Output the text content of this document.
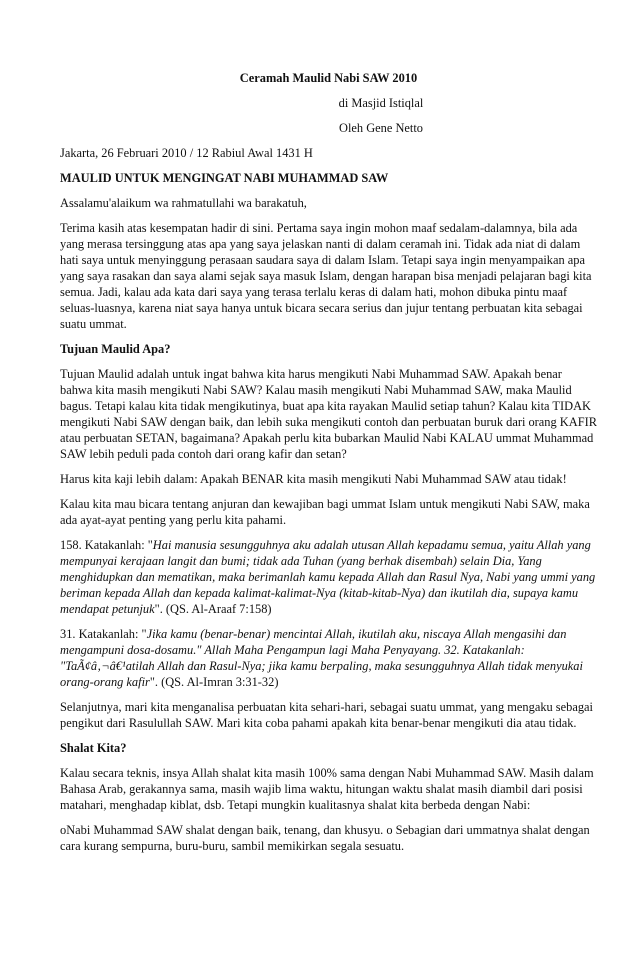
Ceramah Maulid Nabi SAW 2010

di Masjid Istiqlal

Oleh Gene Netto

Jakarta, 26 Februari 2010 / 12 Rabiul Awal 1431 H

MAULID UNTUK MENGINGAT NABI MUHAMMAD SAW

Assalamu'alaikum wa rahmatullahi wa barakatuh,

Terima kasih atas kesempatan hadir di sini. Pertama saya ingin mohon maaf sedalam-dalamnya, bila ada yang merasa tersinggung atas apa yang saya jelaskan nanti di dalam ceramah ini. Tidak ada niat di dalam hati saya untuk menyinggung perasaan saudara saya di dalam Islam. Tetapi saya ingin menyampaikan apa yang saya rasakan dan saya alami sejak saya masuk Islam, dengan harapan bisa menjadi pelajaran bagi kita semua. Jadi, kalau ada kata dari saya yang terasa terlalu keras di dalam hati, mohon dibuka pintu maaf seluas-luasnya, karena niat saya hanya untuk bicara secara serius dan jujur tentang perbuatan kita sebagai suatu ummat.

Tujuan Maulid Apa?

Tujuan Maulid adalah untuk ingat bahwa kita harus mengikuti Nabi Muhammad SAW. Apakah benar bahwa kita masih mengikuti Nabi SAW? Kalau masih mengikuti Nabi Muhammad SAW, maka Maulid bagus. Tetapi kalau kita tidak mengikutinya, buat apa kita rayakan Maulid setiap tahun? Kalau kita TIDAK mengikuti Nabi SAW dengan baik, dan lebih suka mengikuti contoh dan perbuatan buruk dari orang KAFIR atau perbuatan SETAN, bagaimana? Apakah perlu kita bubarkan Maulid Nabi KALAU ummat Muhammad SAW lebih peduli pada contoh dari orang kafir dan setan?

Harus kita kaji lebih dalam: Apakah BENAR kita masih mengikuti Nabi Muhammad SAW atau tidak!

Kalau kita mau bicara tentang anjuran dan kewajiban bagi ummat Islam untuk mengikuti Nabi SAW, maka ada ayat-ayat penting yang perlu kita pahami.

158. Katakanlah: "Hai manusia sesungguhnya aku adalah utusan Allah kepadamu semua, yaitu Allah yang mempunyai kerajaan langit dan bumi; tidak ada Tuhan (yang berhak disembah) selain Dia, Yang menghidupkan dan mematikan, maka berimanlah kamu kepada Allah dan Rasul Nya, Nabi yang ummi yang beriman kepada Allah dan kepada kalimat-kalimat-Nya (kitab-kitab-Nya) dan ikutilah dia, supaya kamu mendapat petunjuk". (QS. Al-Araaf 7:158)

31. Katakanlah: "Jika kamu (benar-benar) mencintai Allah, ikutilah aku, niscaya Allah mengasihi dan mengampuni dosa-dosamu." Allah Maha Pengampun lagi Maha Penyayang. 32. Katakanlah: "TaÃ¢â‚¬â€¹atilah Allah dan Rasul-Nya; jika kamu berpaling, maka sesungguhnya Allah tidak menyukai orang-orang kafir". (QS. Al-Imran 3:31-32)

Selanjutnya, mari kita menganalisa perbuatan kita sehari-hari, sebagai suatu ummat, yang mengaku sebagai pengikut dari Rasulullah SAW. Mari kita coba pahami apakah kita benar-benar mengikuti dia atau tidak.

Shalat Kita?

Kalau secara teknis, insya Allah shalat kita masih 100% sama dengan Nabi Muhammad SAW. Masih dalam Bahasa Arab, gerakannya sama, masih wajib lima waktu, hitungan waktu shalat masih diambil dari posisi matahari, menghadap kiblat, dsb. Tetapi mungkin kualitasnya shalat kita berbeda dengan Nabi:

oNabi Muhammad SAW shalat dengan baik, tenang, dan khusyu. o Sebagian dari ummatnya shalat dengan cara kurang sempurna, buru-buru, sambil memikirkan segala sesuatu.
